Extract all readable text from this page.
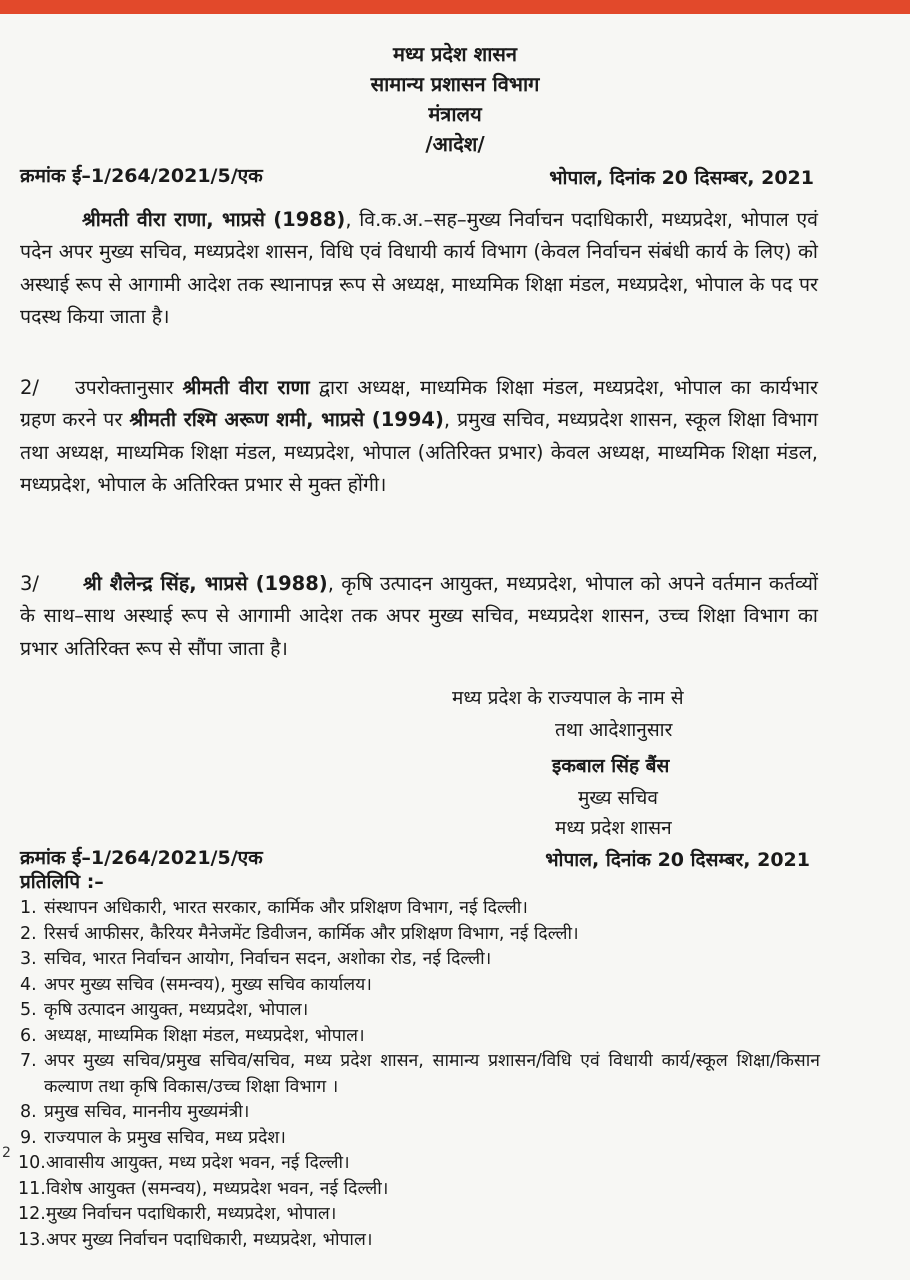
मध्य प्रदेश शासन
सामान्य प्रशासन विभाग
मंत्रालय
/आदेश/
क्रमांक ई–1/264/2021/5/एक	भोपाल, दिनांक 20 दिसम्बर, 2021
श्रीमती वीरा राणा, भाप्रसे (1988), वि.क.अ.–सह–मुख्य निर्वाचन पदाधिकारी, मध्यप्रदेश, भोपाल एवं पदेन अपर मुख्य सचिव, मध्यप्रदेश शासन, विधि एवं विधायी कार्य विभाग (केवल निर्वाचन संबंधी कार्य के लिए) को अस्थाई रूप से आगामी आदेश तक स्थानापन्न रूप से अध्यक्ष, माध्यमिक शिक्षा मंडल, मध्यप्रदेश, भोपाल के पद पर पदस्थ किया जाता है।
2/ उपरोक्तानुसार श्रीमती वीरा राणा द्वारा अध्यक्ष, माध्यमिक शिक्षा मंडल, मध्यप्रदेश, भोपाल का कार्यभार ग्रहण करने पर श्रीमती रश्मि अरूण शमी, भाप्रसे (1994), प्रमुख सचिव, मध्यप्रदेश शासन, स्कूल शिक्षा विभाग तथा अध्यक्ष, माध्यमिक शिक्षा मंडल, मध्यप्रदेश, भोपाल (अतिरिक्त प्रभार) केवल अध्यक्ष, माध्यमिक शिक्षा मंडल, मध्यप्रदेश, भोपाल के अतिरिक्त प्रभार से मुक्त होंगी।
3/ श्री शैलेन्द्र सिंह, भाप्रसे (1988), कृषि उत्पादन आयुक्त, मध्यप्रदेश, भोपाल को अपने वर्तमान कर्तव्यों के साथ–साथ अस्थाई रूप से आगामी आदेश तक अपर मुख्य सचिव, मध्यप्रदेश शासन, उच्च शिक्षा विभाग का प्रभार अतिरिक्त रूप से सौंपा जाता है।
मध्य प्रदेश के राज्यपाल के नाम से
तथा आदेशानुसार
इकबाल सिंह बैंस
मुख्य सचिव
मध्य प्रदेश शासन
क्रमांक ई–1/264/2021/5/एक	भोपाल, दिनांक 20 दिसम्बर, 2021
प्रतिलिपि :–
1. संस्थापन अधिकारी, भारत सरकार, कार्मिक और प्रशिक्षण विभाग, नई दिल्ली।
2. रिसर्च आफीसर, कैरियर मैनेजमेंट डिवीजन, कार्मिक और प्रशिक्षण विभाग, नई दिल्ली।
3. सचिव, भारत निर्वाचन आयोग, निर्वाचन सदन, अशोका रोड, नई दिल्ली।
4. अपर मुख्य सचिव (समन्वय), मुख्य सचिव कार्यालय।
5. कृषि उत्पादन आयुक्त, मध्यप्रदेश, भोपाल।
6. अध्यक्ष, माध्यमिक शिक्षा मंडल, मध्यप्रदेश, भोपाल।
7. अपर मुख्य सचिव/प्रमुख सचिव/सचिव, मध्य प्रदेश शासन, सामान्य प्रशासन/विधि एवं विधायी कार्य/स्कूल शिक्षा/किसान कल्याण तथा कृषि विकास/उच्च शिक्षा विभाग ।
8. प्रमुख सचिव, माननीय मुख्यमंत्री।
9. राज्यपाल के प्रमुख सचिव, मध्य प्रदेश।
10. आवासीय आयुक्त, मध्य प्रदेश भवन, नई दिल्ली।
11. विशेष आयुक्त (समन्वय), मध्यप्रदेश भवन, नई दिल्ली।
12. मुख्य निर्वाचन पदाधिकारी, मध्यप्रदेश, भोपाल।
13. अपर मुख्य निर्वाचन पदाधिकारी, मध्यप्रदेश, भोपाल।
2
